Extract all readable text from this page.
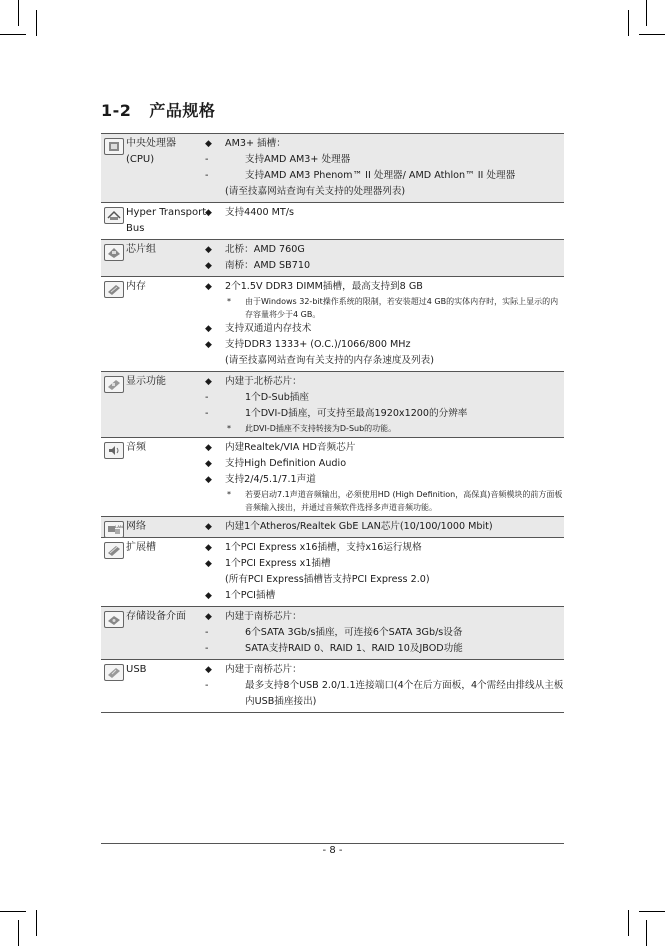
1-2 产品规格
中央处理器
(CPU)
◆	AM3+ 插槽：
-	支持AMD AM3+ 处理器
-	支持AMD AM3 Phenom™ II 处理器/ AMD Athlon™ II 处理器
(请至技嘉网站查询有关支持的处理器列表)
Hyper Transport
Bus
◆	支持4400 MT/s
芯片组	◆	北桥：AMD 760G
◆	南桥：AMD SB710
内存	◆	2个1.5V DDR3 DIMM插槽，最高支持到8 GB
*	由于Windows 32-bit操作系统的限制，若安装超过4 GB的实体内存时，实际上显示的内存容量将少于4 GB。
◆	支持双通道内存技术
◆	支持DDR3 1333+ (O.C.)/1066/800 MHz
(请至技嘉网站查询有关支持的内存条速度及列表)
显示功能	◆	内建于北桥芯片：
-	1个D-Sub插座
-	1个DVI-D插座，可支持至最高1920x1200的分辨率
*	此DVI-D插座不支持转接为D-Sub的功能。
音频	◆	内建Realtek/VIA HD音频芯片
◆	支持High Definition Audio
◆	支持2/4/5.1/7.1声道
*	若要启动7.1声道音频输出，必须使用HD (High Definition，高保真)音频模块的前方面板音频输入接出，并通过音频软件选择多声道音频功能。
LAN 网络	◆	内建1个Atheros/Realtek GbE LAN芯片(10/100/1000 Mbit)
扩展槽	◆	1个PCI Express x16插槽，支持x16运行规格
◆	1个PCI Express x1插槽
(所有PCI Express插槽皆支持PCI Express 2.0)
◆	1个PCI插槽
存储设备介面 ◆	内建于南桥芯片：
-	6个SATA 3Gb/s插座，可连接6个SATA 3Gb/s设备
-	SATA支持RAID 0、RAID 1、RAID 10及JBOD功能
USB	◆	内建于南桥芯片：
-	最多支持8个USB 2.0/1.1连接端口(4个在后方面板，4个需经由排线从主板内USB插座接出)
- 8 -
